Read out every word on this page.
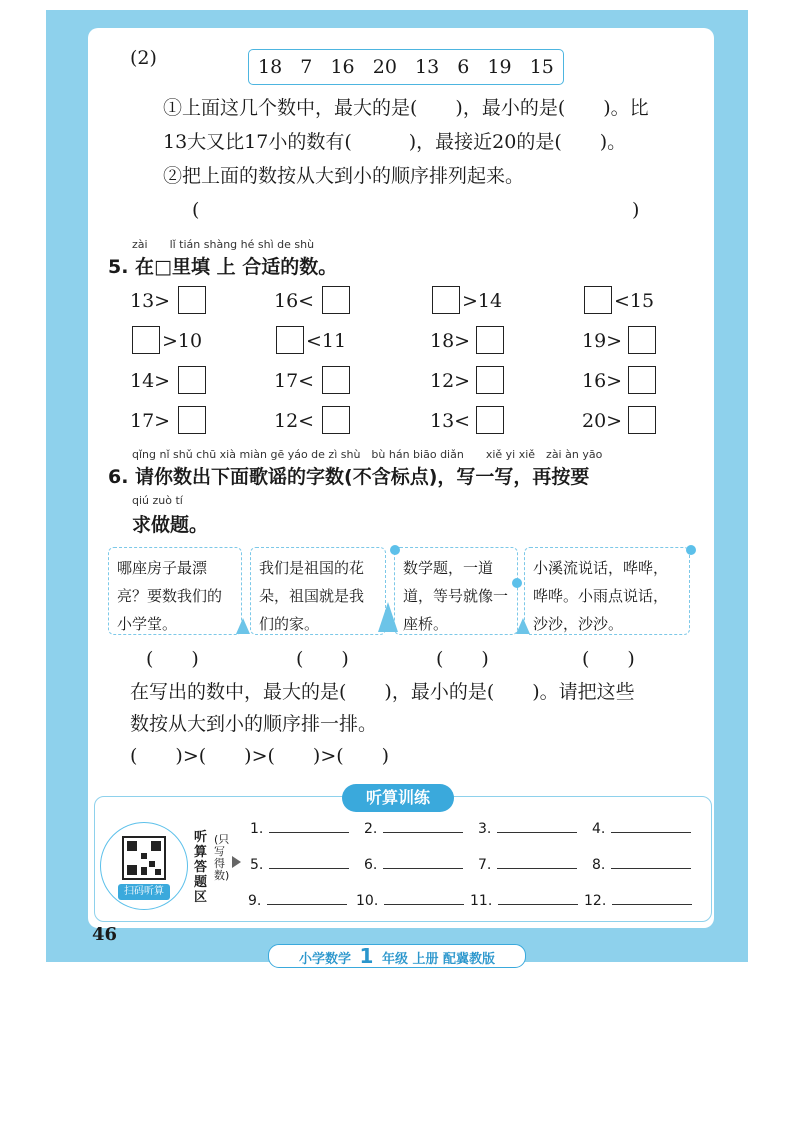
(2)	18 7 16 20 13 6 19 15
①上面这几个数中，最大的是(　　)，最小的是(　　)。比
13大又比17小的数有(　　　)，最接近20的是(　　)。
②把上面的数按从大到小的顺序排列起来。
(	)
zài　　lǐ tián shàng hé shì de shù
5. 在□里填 上 合适的数。
13>	16<	>14	<15
>10	<11	18>	19>
14>	17<	12>	16>
17>	12<	13<	20>
qǐng nǐ shǔ chū xià miàn gē yáo de zì shù　bù hán biāo diǎn　　xiě yi xiě　zài àn yāo
6. 请你数出下面歌谣的字数(不含标点)，写一写，再按要
qiú zuò tí
求做题。
哪座房子最漂亮？要数我们的小学堂。
我们是祖国的花朵，祖国就是我们的家。
数学题，一道道，等号就像一座桥。
小溪流说话，哗哗，哗哗。小雨点说话，沙沙，沙沙。
(　　)	(　　)	(　　)	(　　)
在写出的数中，最大的是(　　)，最小的是(　　)。请把这些
数按从大到小的顺序排一排。
(　　)>(　　)>(　　)>(　　)
听算训练
扫码听算
听算答题区
(只写得数)
1.	2.	3.	4.
5.	6.	7.	8.
9.	10.	11.	12.
46
小学数学 1 年级 上册 配冀教版
